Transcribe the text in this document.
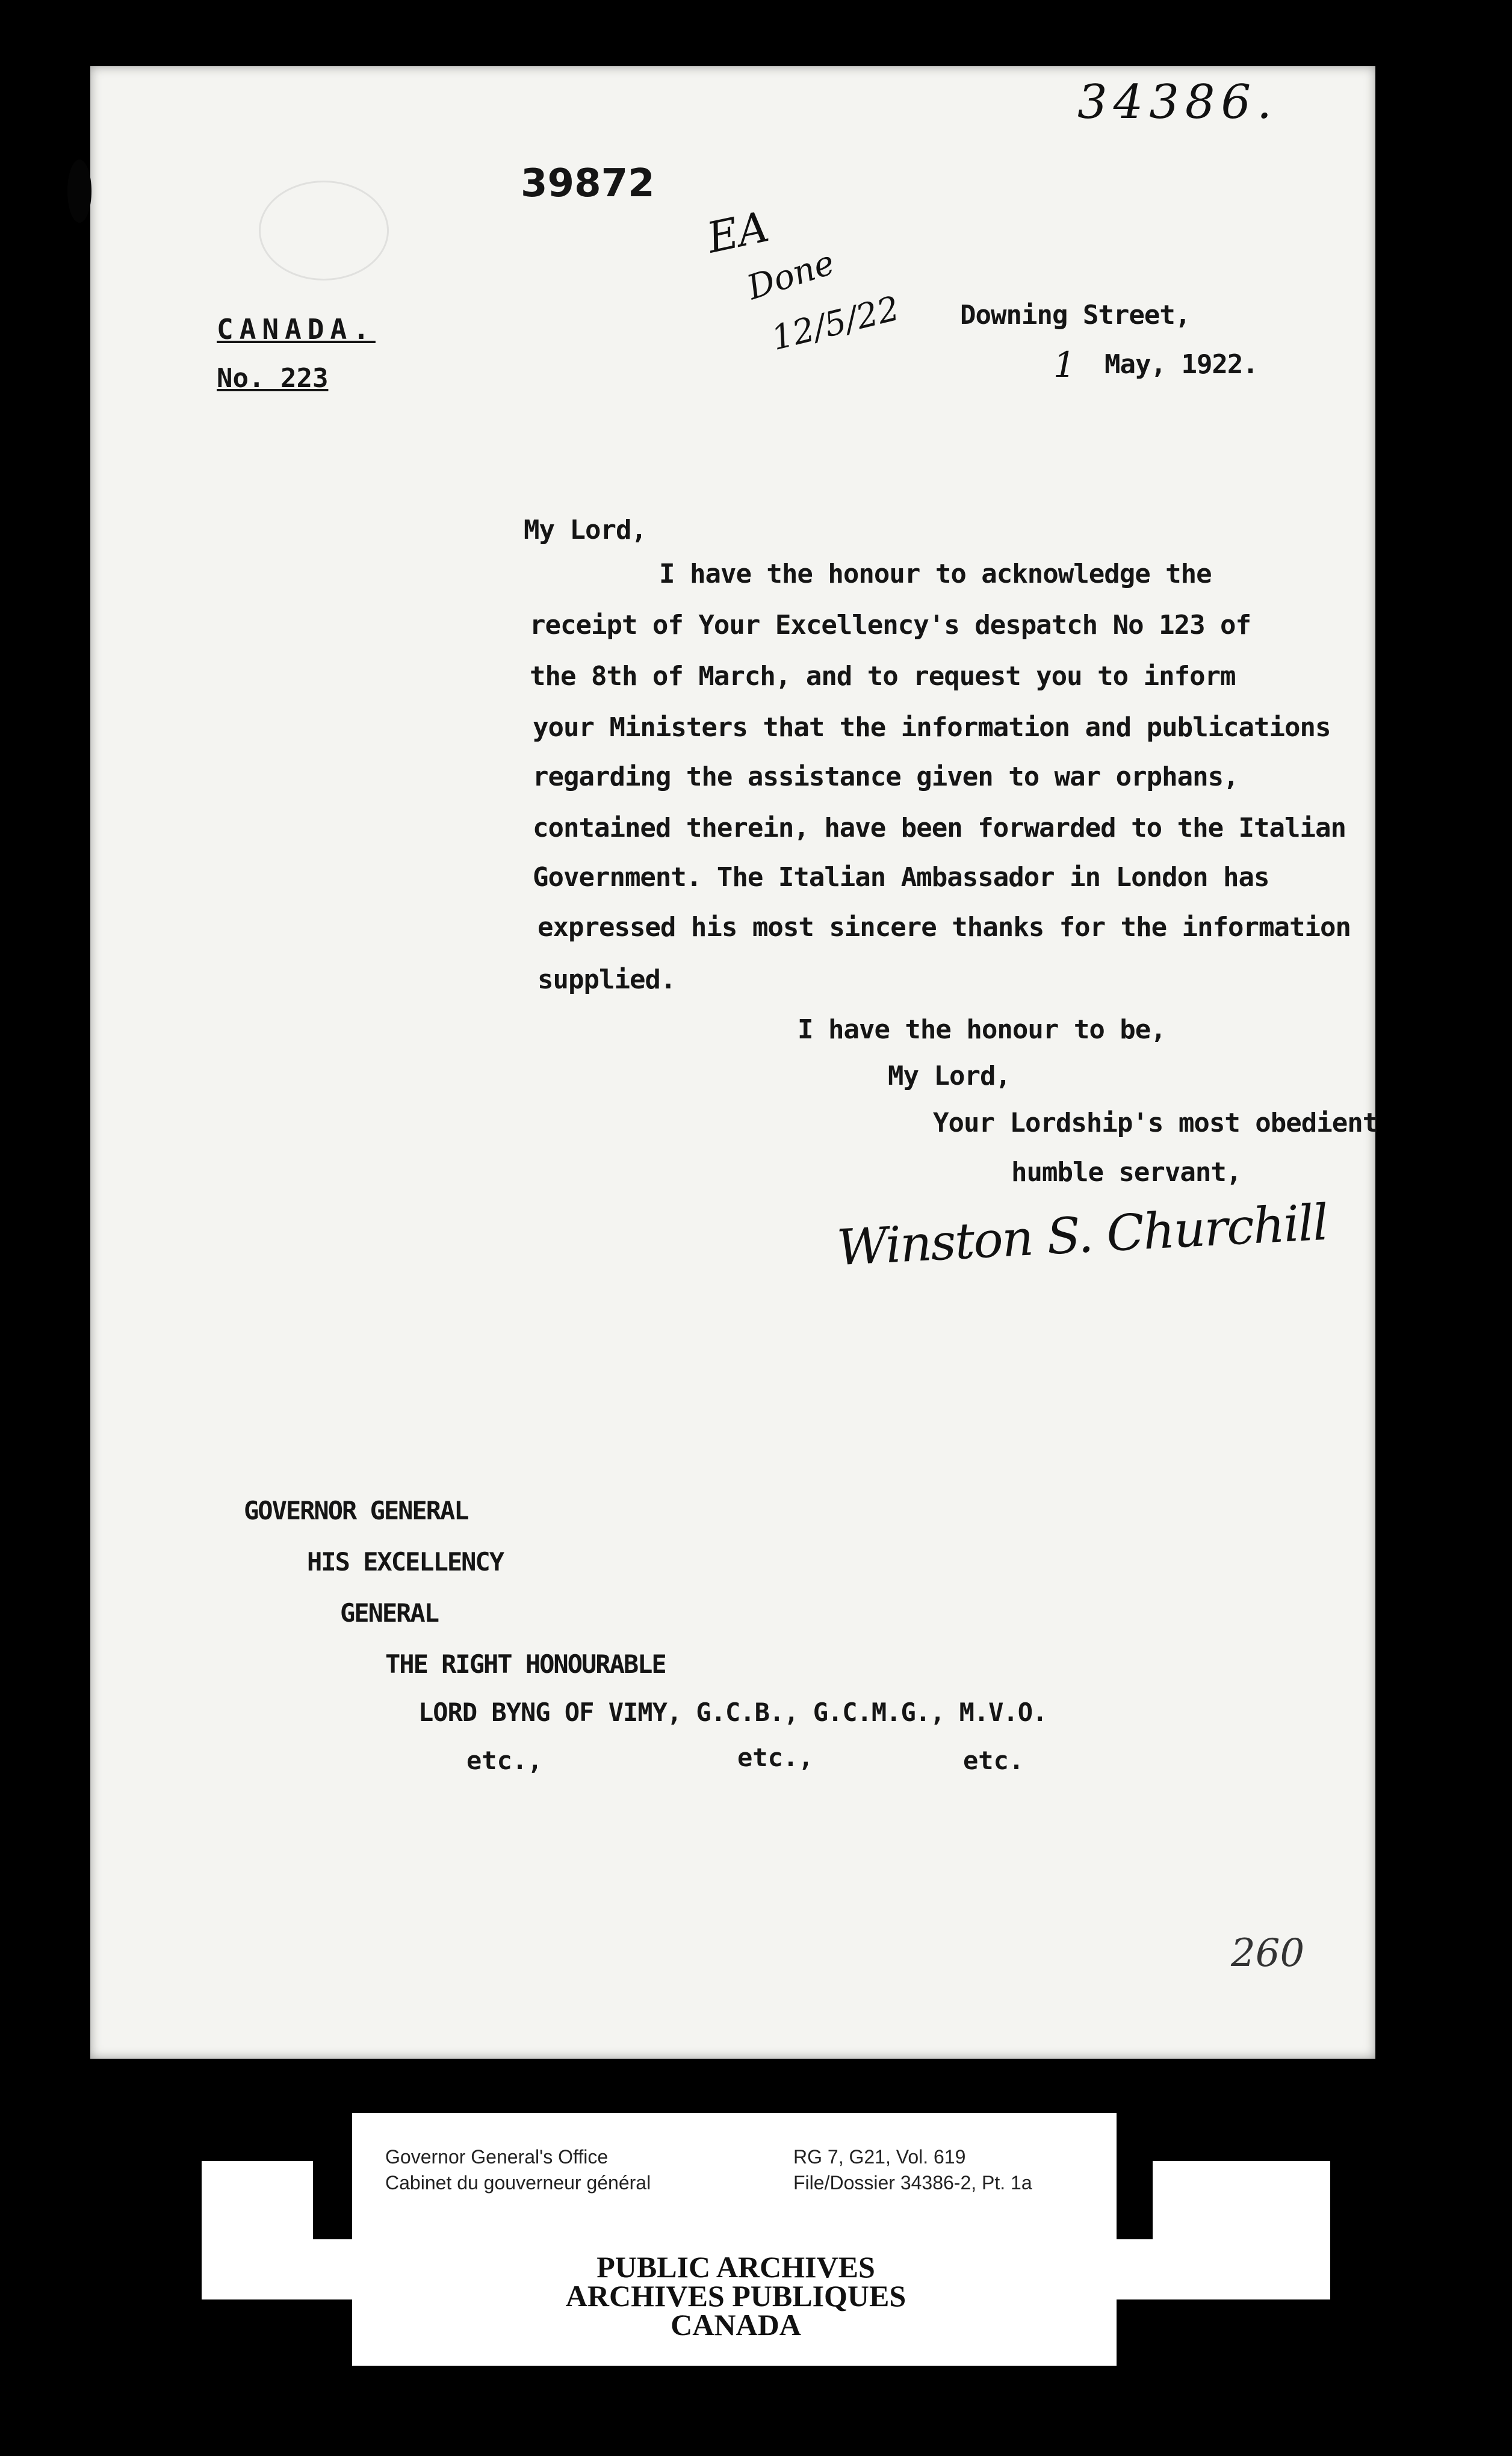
34386.
39872
EA
Done
12/5/22
CANADA.
No. 223
Downing Street,
1 May, 1922.
My Lord,
I have the honour to acknowledge the
receipt of Your Excellency's despatch No 123 of
the 8th of March, and to request you to inform
your Ministers that the information and publications
regarding the assistance given to war orphans,
contained therein, have been forwarded to the Italian
Government. The Italian Ambassador in London has
expressed his most sincere thanks for the information
supplied.
I have the honour to be,
My Lord,
Your Lordship's most obedient
humble servant,
Winston S. Churchill
GOVERNOR GENERAL
HIS EXCELLENCY
GENERAL
THE RIGHT HONOURABLE
LORD BYNG OF VIMY, G.C.B., G.C.M.G., M.V.O.
etc.,	etc.,	etc.
260
Governor General's Office
Cabinet du gouverneur général
RG 7, G21, Vol. 619
File/Dossier 34386-2, Pt. 1a
PUBLIC ARCHIVES
ARCHIVES PUBLIQUES
CANADA
